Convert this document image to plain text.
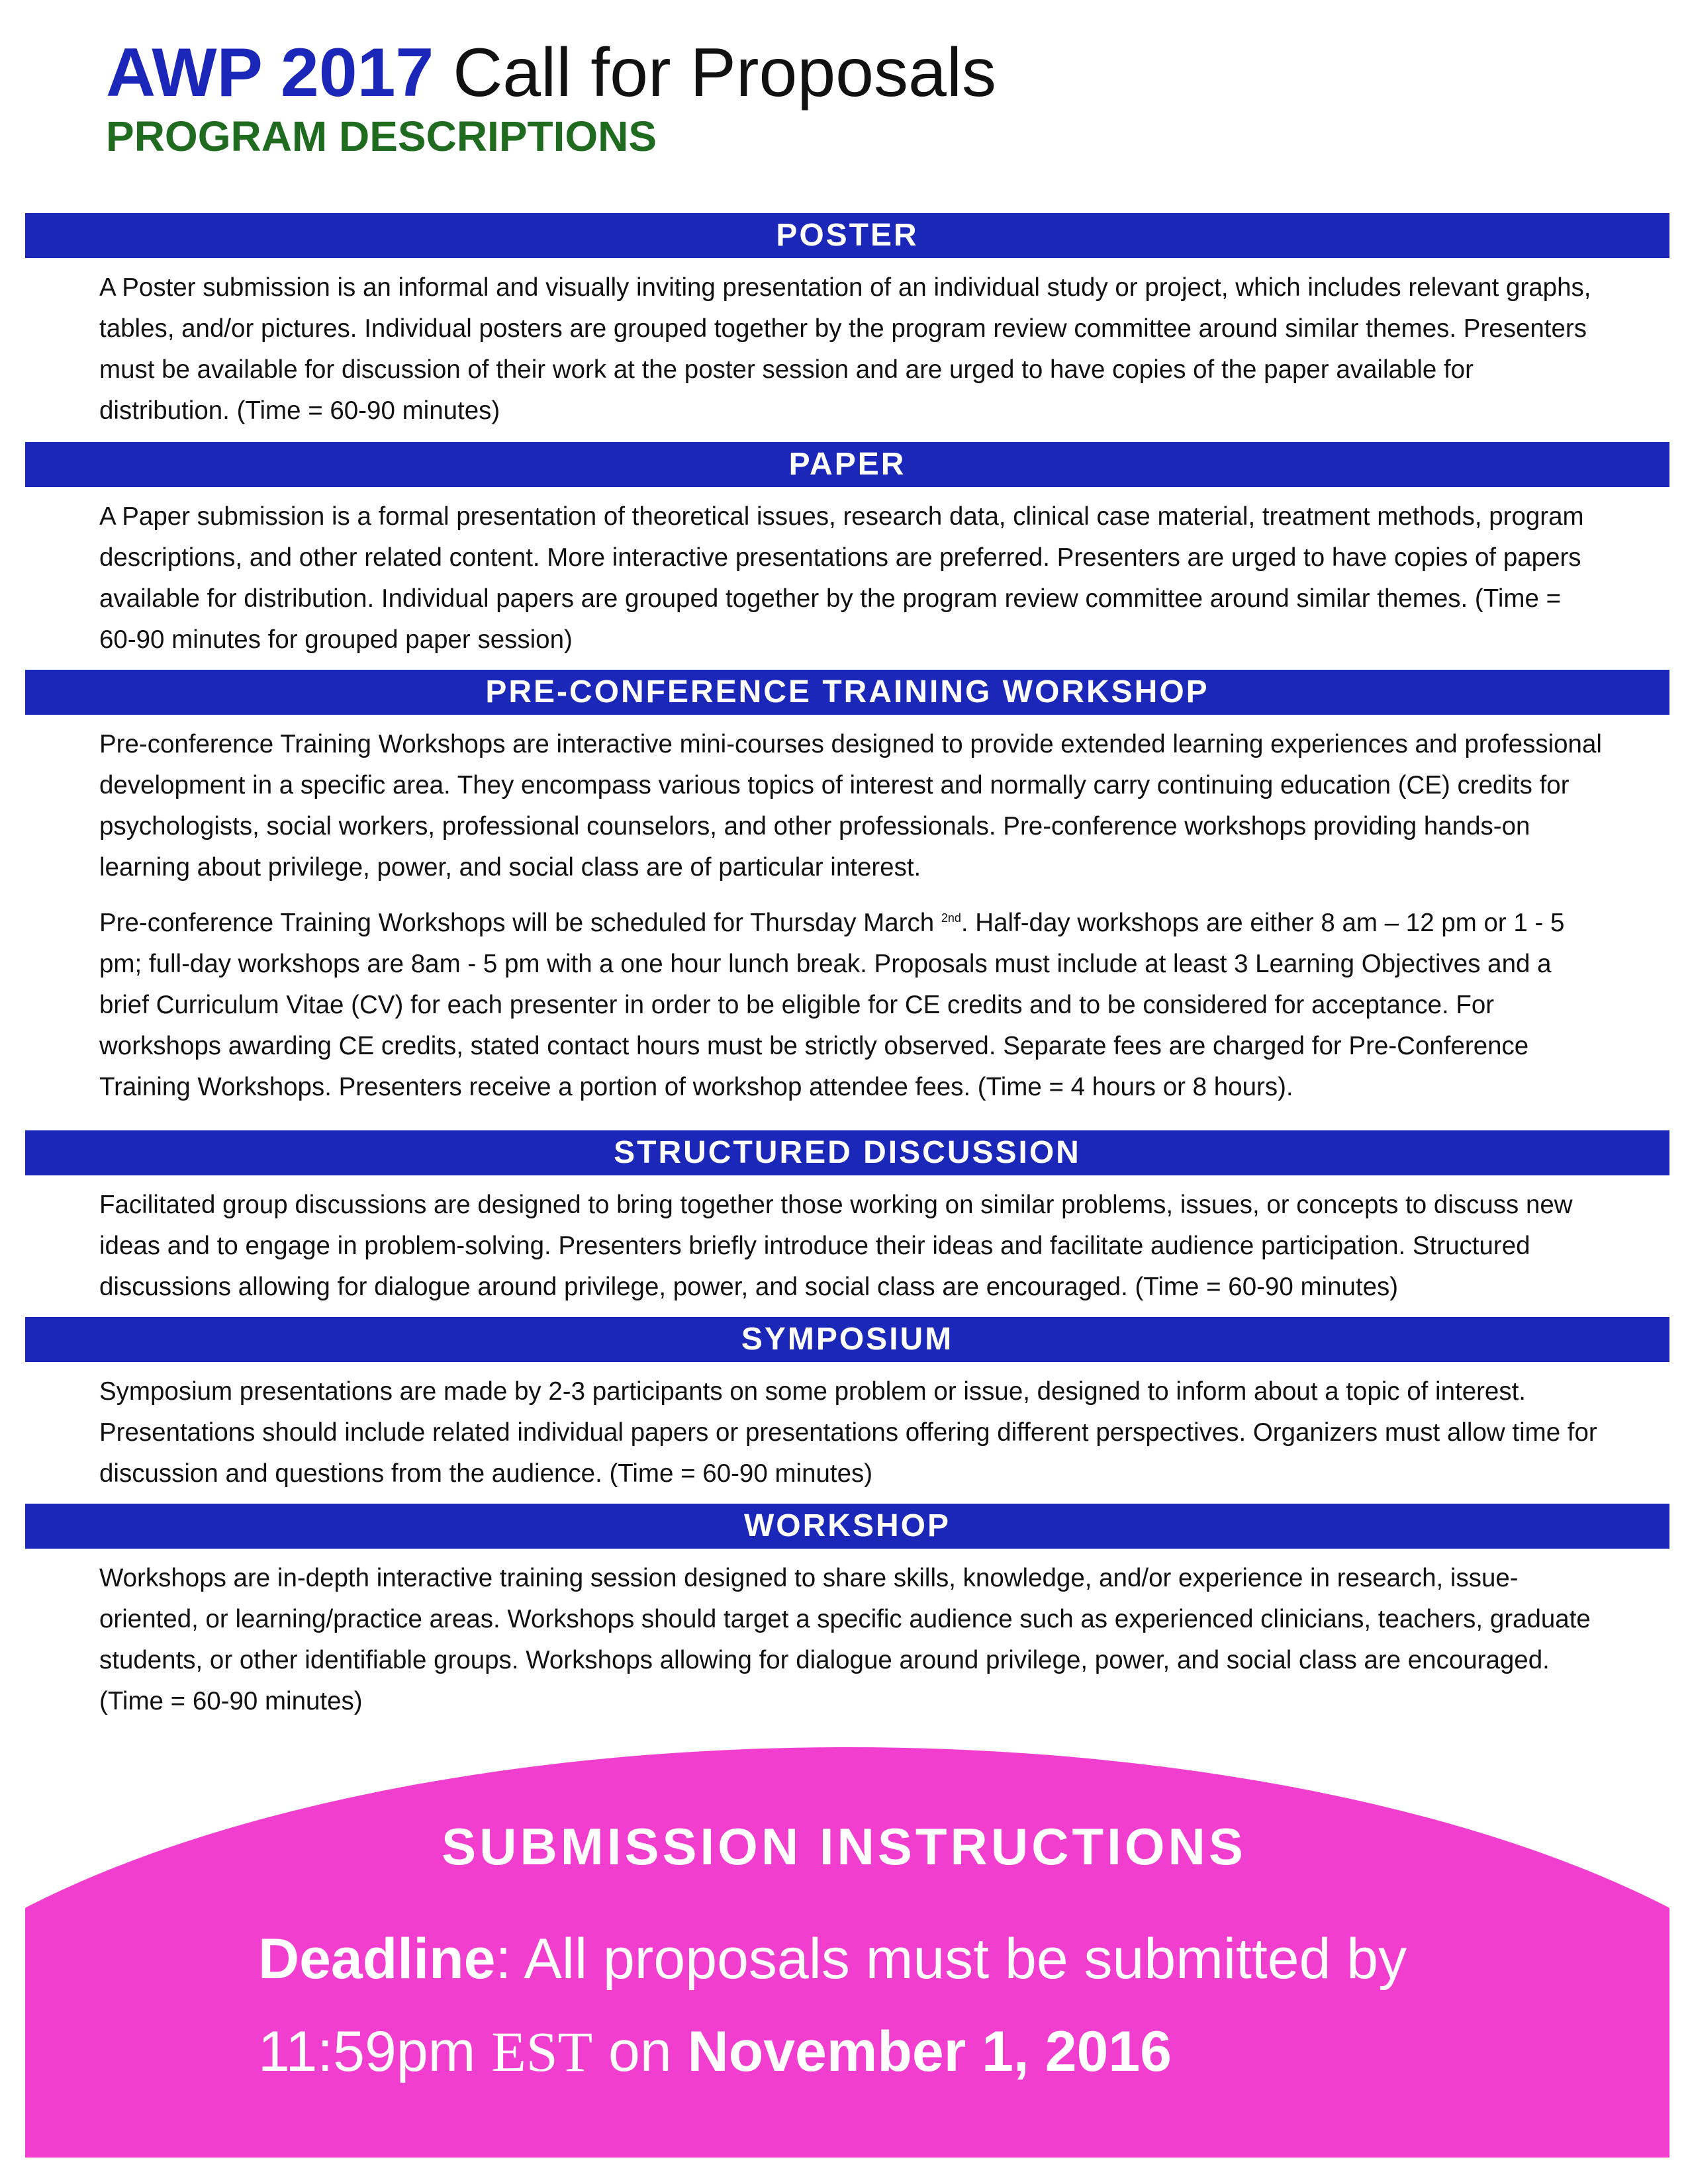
AWP 2017 Call for Proposals
PROGRAM DESCRIPTIONS
POSTER

A Poster submission is an informal and visually inviting presentation of an individual study or project, which includes relevant graphs, tables, and/or pictures. Individual posters are grouped together by the program review committee around similar themes. Presenters must be available for discussion of their work at the poster session and are urged to have copies of the paper available for distribution. (Time = 60-90 minutes)

PAPER

A Paper submission is a formal presentation of theoretical issues, research data, clinical case material, treatment methods, program descriptions, and other related content. More interactive presentations are preferred. Presenters are urged to have copies of papers available for distribution. Individual papers are grouped together by the program review committee around similar themes. (Time = 60-90 minutes for grouped paper session)

PRE-CONFERENCE TRAINING WORKSHOP

Pre-conference Training Workshops are interactive mini-courses designed to provide extended learning experiences and professional development in a specific area. They encompass various topics of interest and normally carry continuing education (CE) credits for psychologists, social workers, professional counselors, and other professionals. Pre-conference workshops providing hands-on learning about privilege, power, and social class are of particular interest.

Pre-conference Training Workshops will be scheduled for Thursday March $^{2nd}$. Half-day workshops are either 8 am – 12 pm or 1 - 5 pm; full-day workshops are 8am - 5 pm with a one hour lunch break. Proposals must include at least 3 Learning Objectives and a brief Curriculum Vitae (CV) for each presenter in order to be eligible for CE credits and to be considered for acceptance. For workshops awarding CE credits, stated contact hours must be strictly observed. Separate fees are charged for Pre-Conference Training Workshops. Presenters receive a portion of workshop attendee fees. (Time = 4 hours or 8 hours).

STRUCTURED DISCUSSION

Facilitated group discussions are designed to bring together those working on similar problems, issues, or concepts to discuss new ideas and to engage in problem-solving. Presenters briefly introduce their ideas and facilitate audience participation. Structured discussions allowing for dialogue around privilege, power, and social class are encouraged. (Time = 60-90 minutes)

SYMPOSIUM

Symposium presentations are made by 2-3 participants on some problem or issue, designed to inform about a topic of interest. Presentations should include related individual papers or presentations offering different perspectives. Organizers must allow time for discussion and questions from the audience. (Time = 60-90 minutes)

WORKSHOP

Workshops are in-depth interactive training session designed to share skills, knowledge, and/or experience in research, issue-oriented, or learning/practice areas. Workshops should target a specific audience such as experienced clinicians, teachers, graduate students, or other identifiable groups. Workshops allowing for dialogue around privilege, power, and social class are encouraged. (Time = 60-90 minutes)

SUBMISSION INSTRUCTIONS

Deadline: All proposals must be submitted by
11:59pm EST on November 1, 2016
